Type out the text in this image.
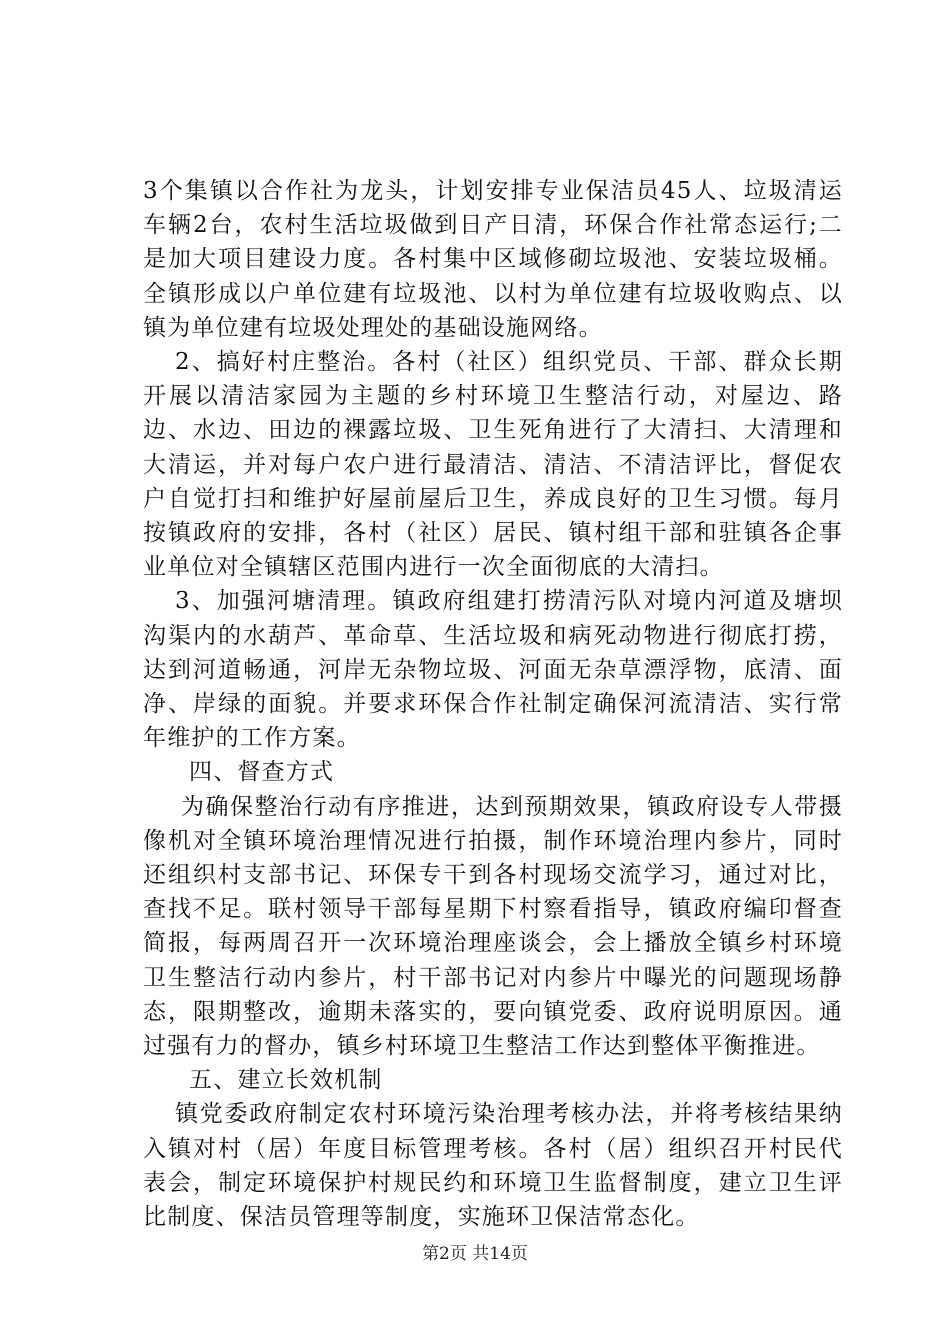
3个集镇以合作社为龙头，计划安排专业保洁员45人、垃圾清运车辆2台，农村生活垃圾做到日产日清，环保合作社常态运行;二是加大项目建设力度。各村集中区域修砌垃圾池、安装垃圾桶。全镇形成以户单位建有垃圾池、以村为单位建有垃圾收购点、以镇为单位建有垃圾处理处的基础设施网络。

2、搞好村庄整治。各村（社区）组织党员、干部、群众长期开展以清洁家园为主题的乡村环境卫生整洁行动，对屋边、路边、水边、田边的裸露垃圾、卫生死角进行了大清扫、大清理和大清运，并对每户农户进行最清洁、清洁、不清洁评比，督促农户自觉打扫和维护好屋前屋后卫生，养成良好的卫生习惯。每月按镇政府的安排，各村（社区）居民、镇村组干部和驻镇各企事业单位对全镇辖区范围内进行一次全面彻底的大清扫。

3、加强河塘清理。镇政府组建打捞清污队对境内河道及塘坝沟渠内的水葫芦、革命草、生活垃圾和病死动物进行彻底打捞，达到河道畅通，河岸无杂物垃圾、河面无杂草漂浮物，底清、面净、岸绿的面貌。并要求环保合作社制定确保河流清洁、实行常年维护的工作方案。

四、督查方式

为确保整治行动有序推进，达到预期效果，镇政府设专人带摄像机对全镇环境治理情况进行拍摄，制作环境治理内参片，同时还组织村支部书记、环保专干到各村现场交流学习，通过对比，查找不足。联村领导干部每星期下村察看指导，镇政府编印督查简报，每两周召开一次环境治理座谈会，会上播放全镇乡村环境卫生整洁行动内参片，村干部书记对内参片中曝光的问题现场静态，限期整改，逾期未落实的，要向镇党委、政府说明原因。通过强有力的督办，镇乡村环境卫生整洁工作达到整体平衡推进。

五、建立长效机制

镇党委政府制定农村环境污染治理考核办法，并将考核结果纳入镇对村（居）年度目标管理考核。各村（居）组织召开村民代表会，制定环境保护村规民约和环境卫生监督制度，建立卫生评比制度、保洁员管理等制度，实施环卫保洁常态化。

第2页 共14页
